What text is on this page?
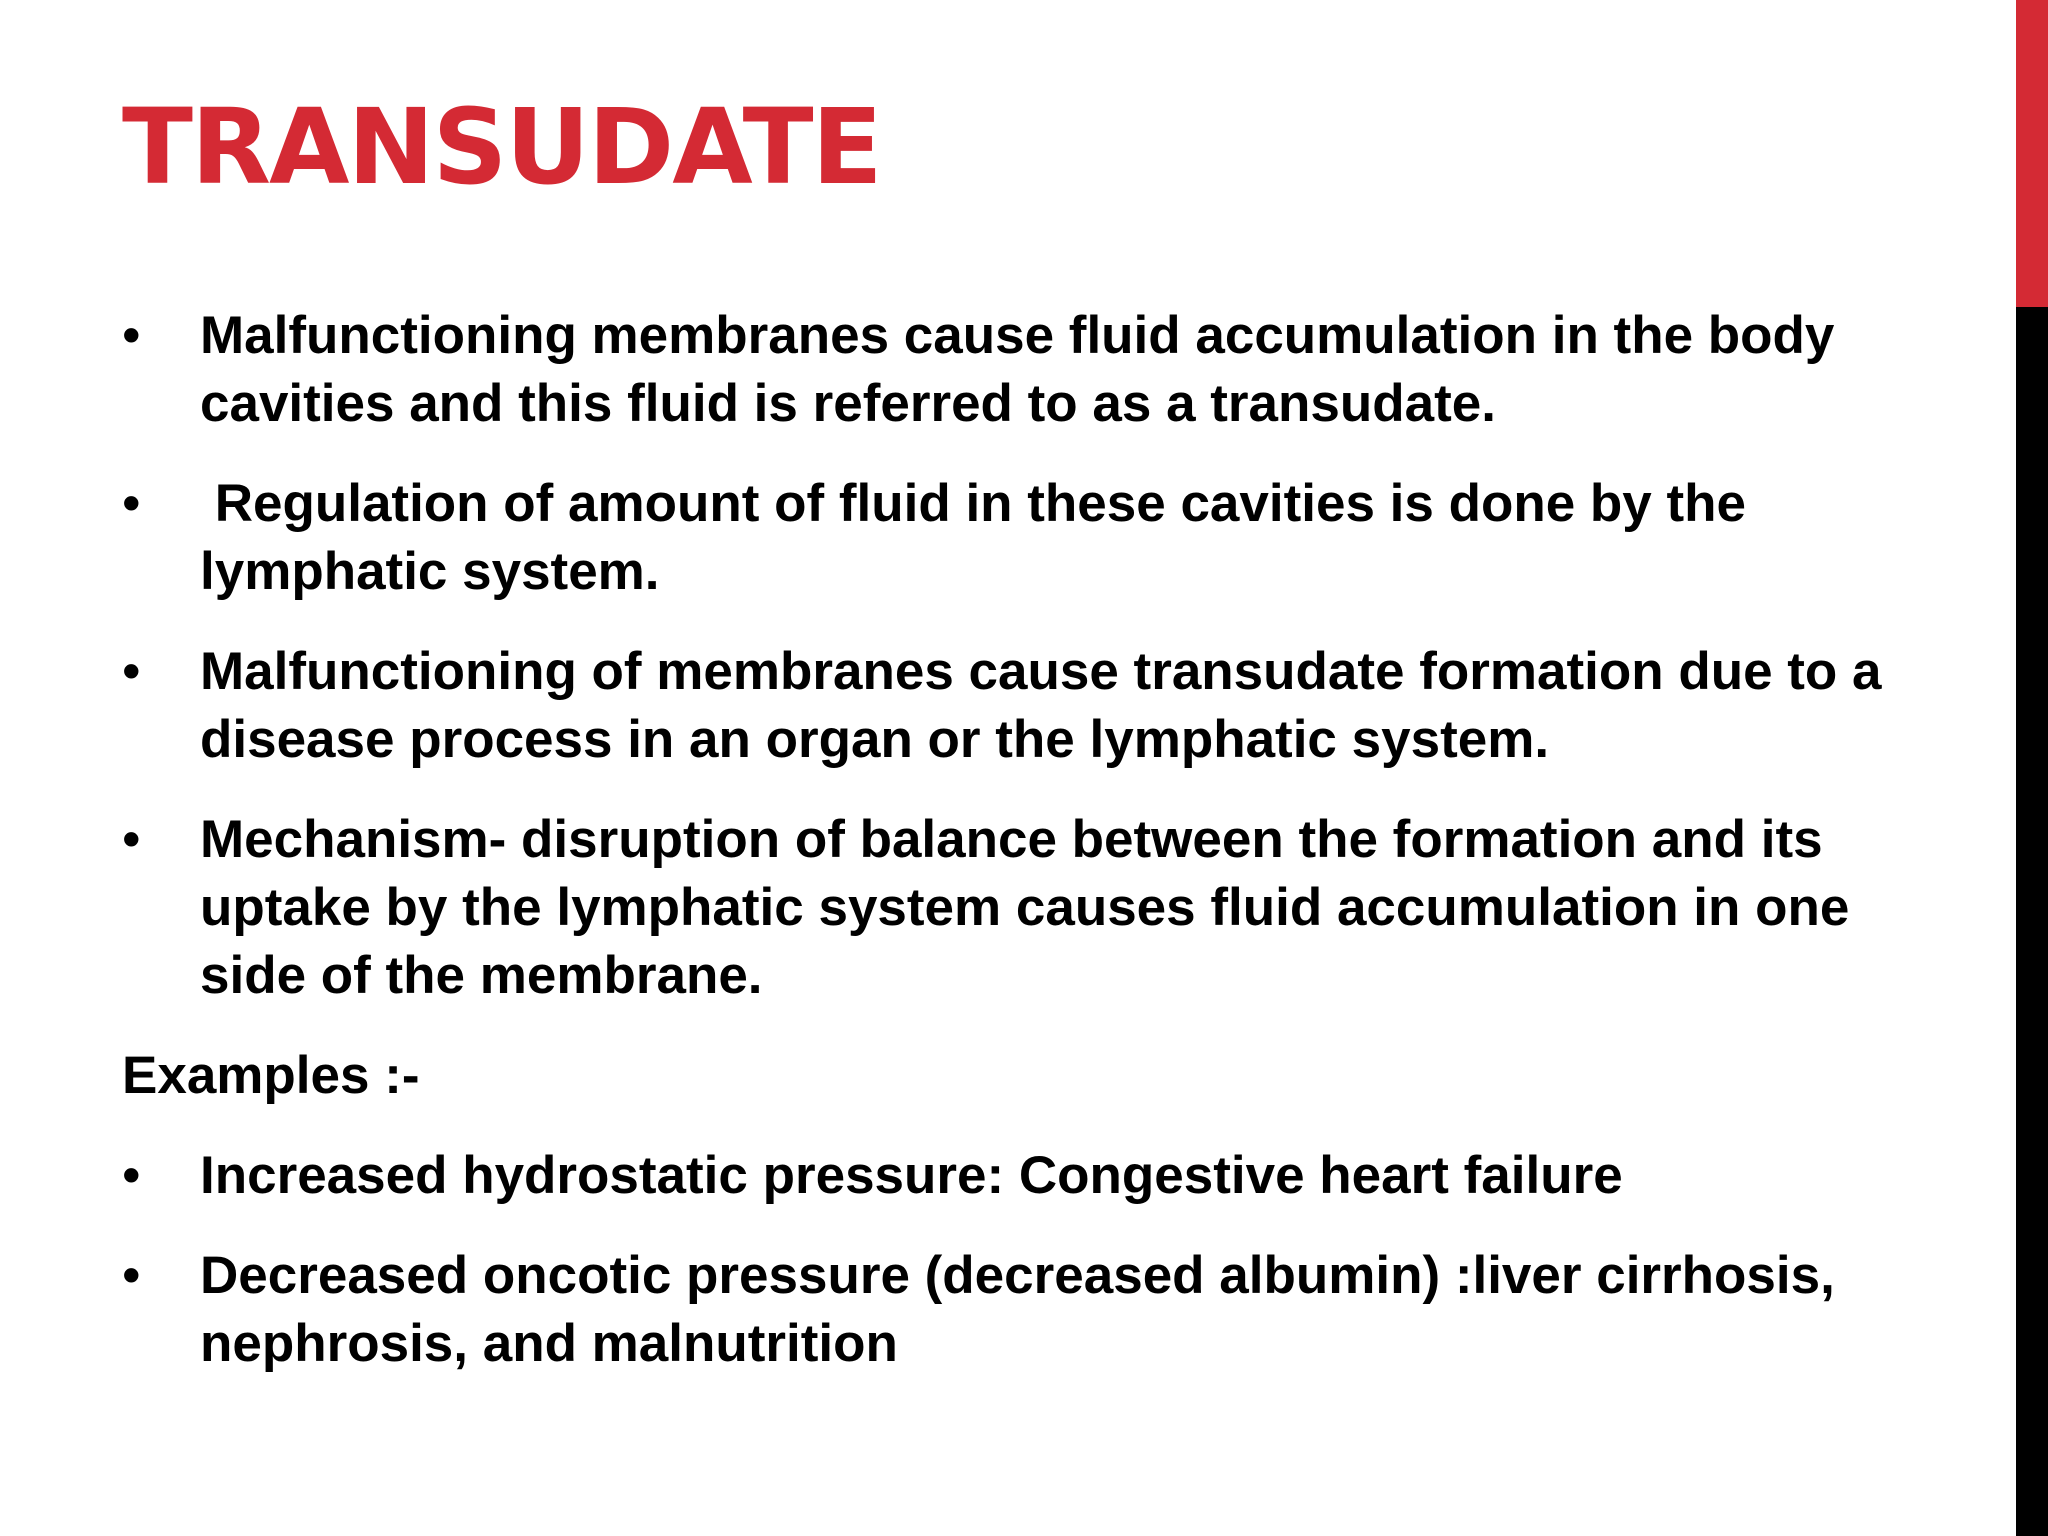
TRANSUDATE
• Malfunctioning membranes cause fluid accumulation in the body cavities and this fluid is referred to as a transudate.
• Regulation of amount of fluid in these cavities is done by the lymphatic system.
• Malfunctioning of membranes cause transudate formation due to a disease process in an organ or the lymphatic system.
• Mechanism- disruption of balance between the formation and its uptake by the lymphatic system causes fluid accumulation in one side of the membrane.

Examples :-

• Increased hydrostatic pressure: Congestive heart failure
• Decreased oncotic pressure (decreased albumin) :liver cirrhosis, nephrosis, and malnutrition
